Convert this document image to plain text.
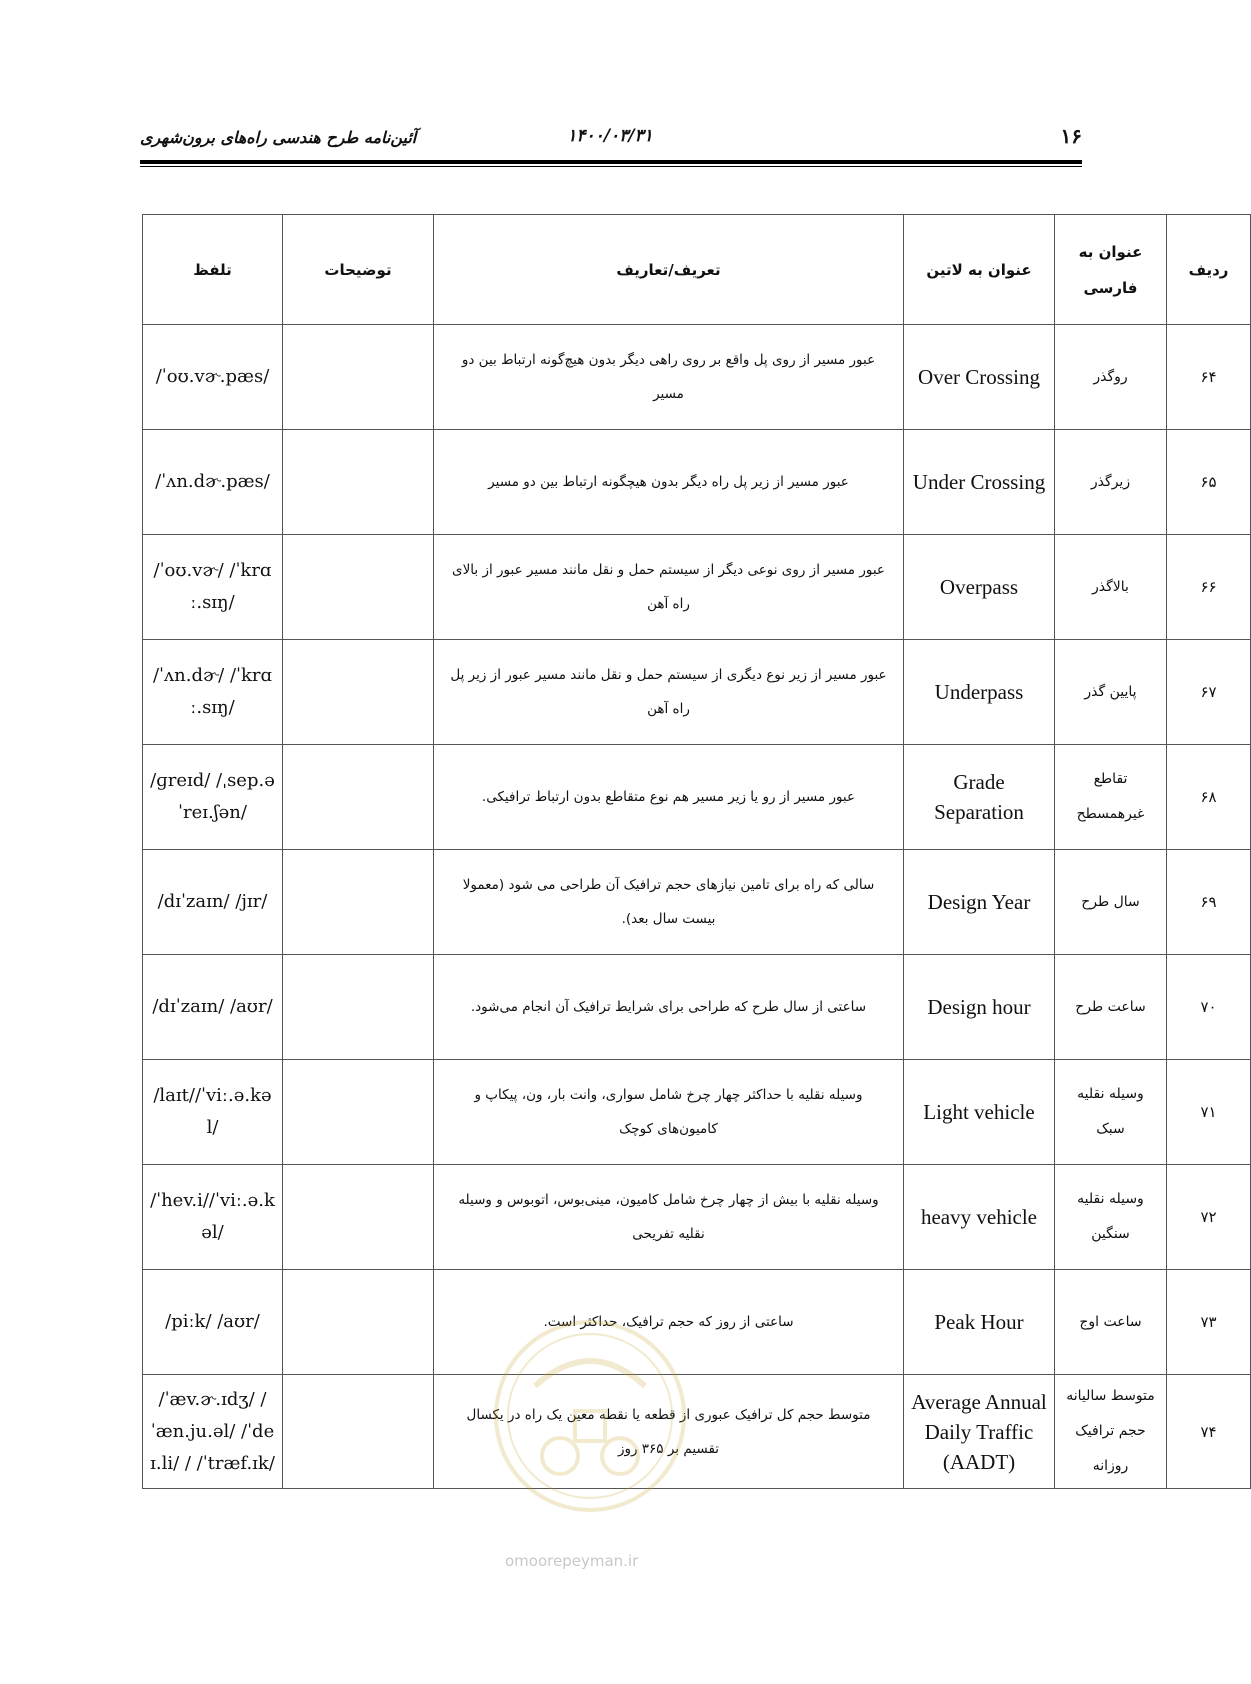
آئین‌نامه طرح هندسی راه‌های برون‌شهری	۱۴۰۰/۰۳/۳۱	۱۶
ردیف	عنوان به فارسی	عنوان به لاتین	تعریف/تعاریف	توضیحات	تلفظ
۶۴	روگذر	Over Crossing	عبور مسیر از روی پل واقع بر روی راهی دیگر بدون هیچ‌گونه ارتباط بین دو مسیر		/ˈoʊ.vɚ.pæs/
۶۵	زیرگذر	Under Crossing	عبور مسیر از زیر پل راه دیگر بدون هیچگونه ارتباط بین دو مسیر		/ˈʌn.dɚ.pæs/
۶۶	بالاگذر	Overpass	عبور مسیر از روی نوعی دیگر از سیستم حمل و نقل مانند مسیر عبور از بالای راه آهن		/ˈoʊ.vɚ/ /ˈkrɑː.sɪŋ/
۶۷	پایین گذر	Underpass	عبور مسیر از زیر نوع دیگری از سیستم حمل و نقل مانند مسیر عبور از زیر پل راه آهن		/ˈʌn.dɚ/ /ˈkrɑː.sɪŋ/
۶۸	تقاطع غیرهمسطح	Grade Separation	عبور مسیر از رو یا زیر مسیر هم نوع متقاطع بدون ارتباط ترافیکی.		/ɡreɪd/ /ˌsep.əˈreɪ.ʃən/
۶۹	سال طرح	Design Year	سالی که راه برای تامین نیازهای حجم ترافیک آن طراحی می شود (معمولا بیست سال بعد).		/dɪˈzaɪn/ /jɪr/
۷۰	ساعت طرح	Design hour	ساعتی از سال طرح که طراحی برای شرایط ترافیک آن انجام می‌شود.		/dɪˈzaɪn/ /aʊr/
۷۱	وسیله نقلیه سبک	Light vehicle	وسیله نقلیه با حداکثر چهار چرخ شامل سواری، وانت بار، ون، پیکاپ و کامیون‌های کوچک		/laɪt//ˈviː.ə.kəl/
۷۲	وسیله نقلیه سنگین	heavy vehicle	وسیله نقلیه با بیش از چهار چرخ شامل کامیون، مینی‌بوس، اتوبوس و وسیله نقلیه تفریحی		/ˈhev.i//ˈviː.ə.kəl/
۷۳	ساعت اوج	Peak Hour	ساعتی از روز که حجم ترافیک، حداکثر است.		/piːk/ /aʊr/
۷۴	متوسط سالیانه حجم ترافیک روزانه	Average Annual Daily Traffic (AADT)	متوسط حجم کل ترافیک عبوری از قطعه یا نقطه معین یک راه در یکسال تقسیم بر ۳۶۵ روز		/ˈæv.ɚ.ɪdʒ/ /ˈæn.ju.əl/ /ˈdeɪ.li/ / /ˈtræf.ɪk/
omoorepeyman.ir
